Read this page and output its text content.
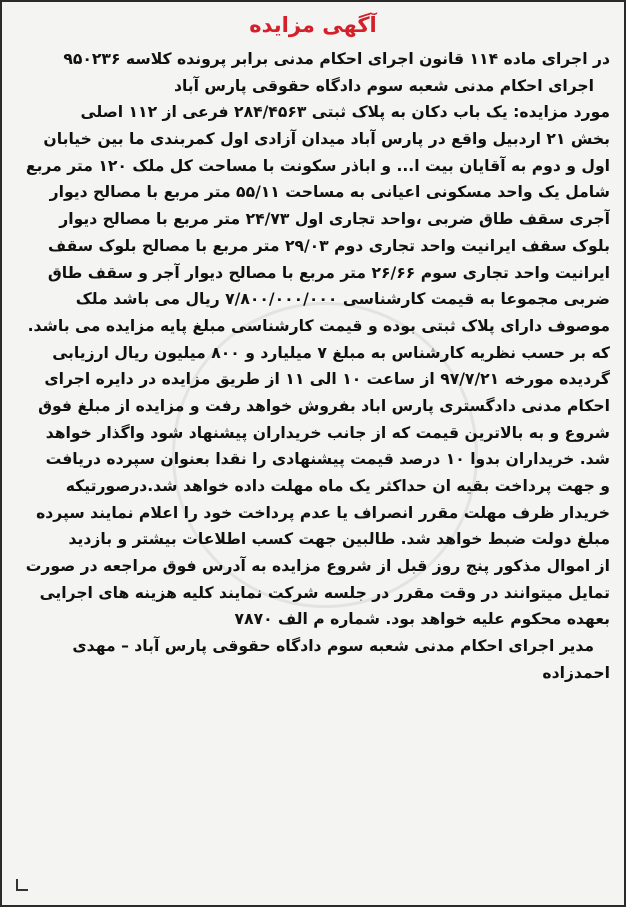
آگهی مزایده
در اجرای ماده ۱۱۴ قانون اجرای احکام مدنی برابر پرونده کلاسه ۹۵۰۲۳۶
اجرای احکام مدنی شعبه سوم دادگاه حقوقی پارس آباد
مورد مزایده: یک باب دکان به پلاک ثبتی ۲۸۴/۴۵۶۳ فرعی از ۱۱۲ اصلی
بخش ۲۱ اردبیل واقع در پارس آباد میدان آزادی اول کمربندی ما بین خیابان
اول و دوم به آقایان بیت ا... و اباذر سکونت با مساحت کل ملک ۱۲۰ متر مربع
شامل یک واحد مسکونی اعیانی به مساحت ۵۵/۱۱ متر مربع با مصالح دیوار
آجری سقف طاق ضربی ،واحد تجاری اول ۲۴/۷۳ متر مربع با مصالح دیوار
بلوک سقف ایرانیت واحد تجاری دوم ۲۹/۰۳ متر مربع با مصالح بلوک سقف
ایرانیت واحد تجاری سوم ۲۶/۶۶ متر مربع با مصالح دیوار آجر و سقف طاق
ضربی مجموعا به قیمت کارشناسی ۷/۸۰۰/۰۰۰/۰۰۰ ریال می باشد ملک
موصوف دارای پلاک ثبتی بوده و قیمت کارشناسی مبلغ پایه مزایده می باشد.
که بر حسب نظریه کارشناس به مبلغ ۷ میلیارد و ۸۰۰ میلیون ریال ارزیابی
گردیده مورخه ۹۷/۷/۲۱ از ساعت ۱۰ الی ۱۱ از طریق مزایده در دایره اجرای
احکام مدنی دادگستری پارس اباد بفروش خواهد رفت و مزایده از مبلغ فوق
شروع و به بالاترین قیمت که از جانب خریداران پیشنهاد شود واگذار خواهد
شد. خریداران بدوا ۱۰ درصد قیمت پیشنهادی را نقدا بعنوان سپرده دریافت
و جهت پرداخت بقیه ان حداکثر یک ماه مهلت داده خواهد شد.درصورتیکه
خریدار ظرف مهلت مقرر انصراف یا عدم پرداخت خود را اعلام نمایند سپرده
مبلغ دولت ضبط خواهد شد. طالبین جهت کسب اطلاعات بیشتر و بازدید
از اموال مذکور پنج روز قبل از شروع مزایده به آدرس فوق مراجعه در صورت
تمایل میتوانند در وقت مقرر در جلسه شرکت نمایند کلیه هزینه های اجرایی
بعهده محکوم علیه خواهد بود. شماره م الف ۷۸۷۰
مدیر اجرای احکام مدنی شعبه سوم دادگاه حقوقی پارس آباد – مهدی
احمدزاده
